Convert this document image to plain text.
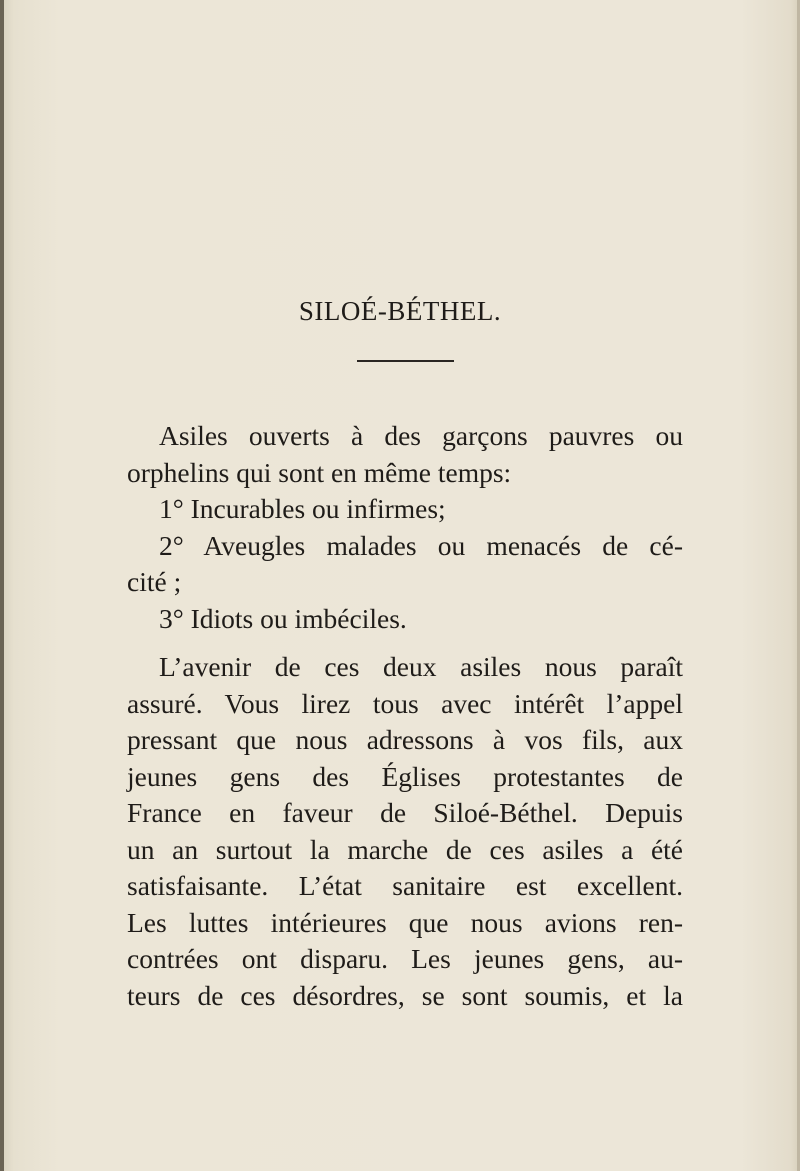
SILOÉ-BÉTHEL.
Asiles ouverts à des garçons pauvres ou
orphelins qui sont en même temps:
1° Incurables ou infirmes;
2° Aveugles malades ou menacés de cé-
cité ;
3° Idiots ou imbéciles.
L’avenir de ces deux asiles nous paraît
assuré. Vous lirez tous avec intérêt l’appel
pressant que nous adressons à vos fils, aux
jeunes gens des Églises protestantes de
France en faveur de Siloé-Béthel. Depuis
un an surtout la marche de ces asiles a été
satisfaisante. L’état sanitaire est excellent.
Les luttes intérieures que nous avions ren-
contrées ont disparu. Les jeunes gens, au-
teurs de ces désordres, se sont soumis, et la
